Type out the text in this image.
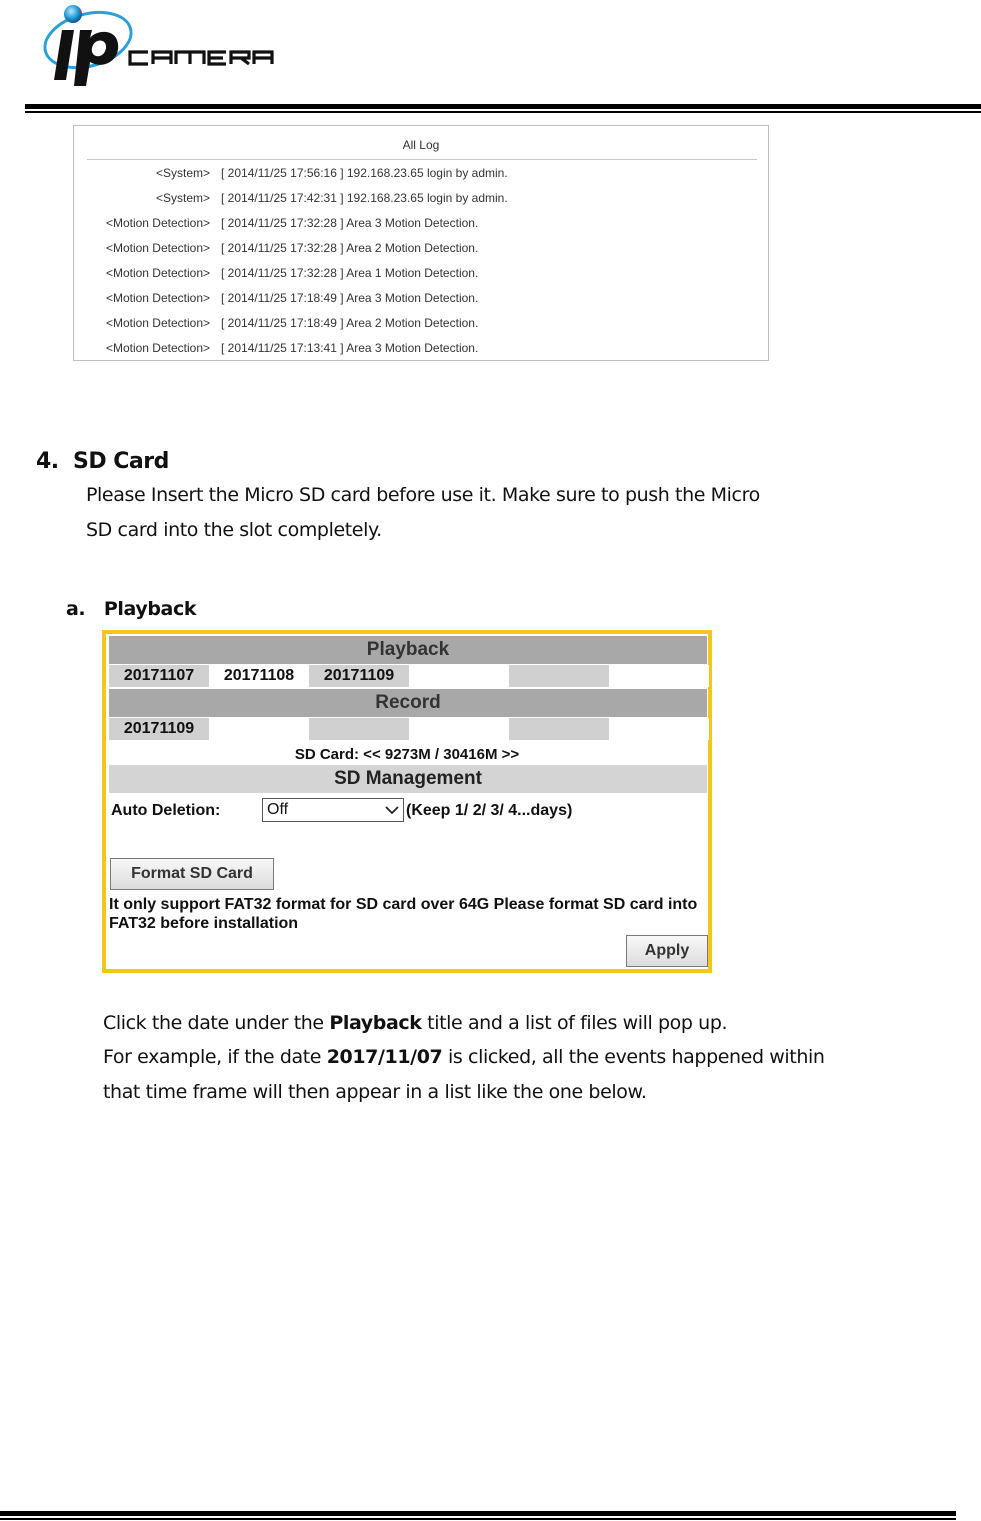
All Log
<System> [ 2014/11/25 17:56:16 ] 192.168.23.65 login by admin.
<System> [ 2014/11/25 17:42:31 ] 192.168.23.65 login by admin.
<Motion Detection> [ 2014/11/25 17:32:28 ] Area 3 Motion Detection.
<Motion Detection> [ 2014/11/25 17:32:28 ] Area 2 Motion Detection.
<Motion Detection> [ 2014/11/25 17:32:28 ] Area 1 Motion Detection.
<Motion Detection> [ 2014/11/25 17:18:49 ] Area 3 Motion Detection.
<Motion Detection> [ 2014/11/25 17:18:49 ] Area 2 Motion Detection.
<Motion Detection> [ 2014/11/25 17:13:41 ] Area 3 Motion Detection.
4.  SD Card
Please Insert the Micro SD card before use it. Make sure to push the Micro
SD card into the slot completely.
a.   Playback
Playback
20171107	20171108	20171109
Record
20171109
SD Card: << 9273M / 30416M >>
SD Management
Auto Deletion:	Off	(Keep 1/ 2/ 3/ 4...days)
Format SD Card
It only support FAT32 format for SD card over 64G Please format SD card into FAT32 before installation
Apply
Click the date under the Playback title and a list of files will pop up.
For example, if the date 2017/11/07 is clicked, all the events happened within
that time frame will then appear in a list like the one below.
